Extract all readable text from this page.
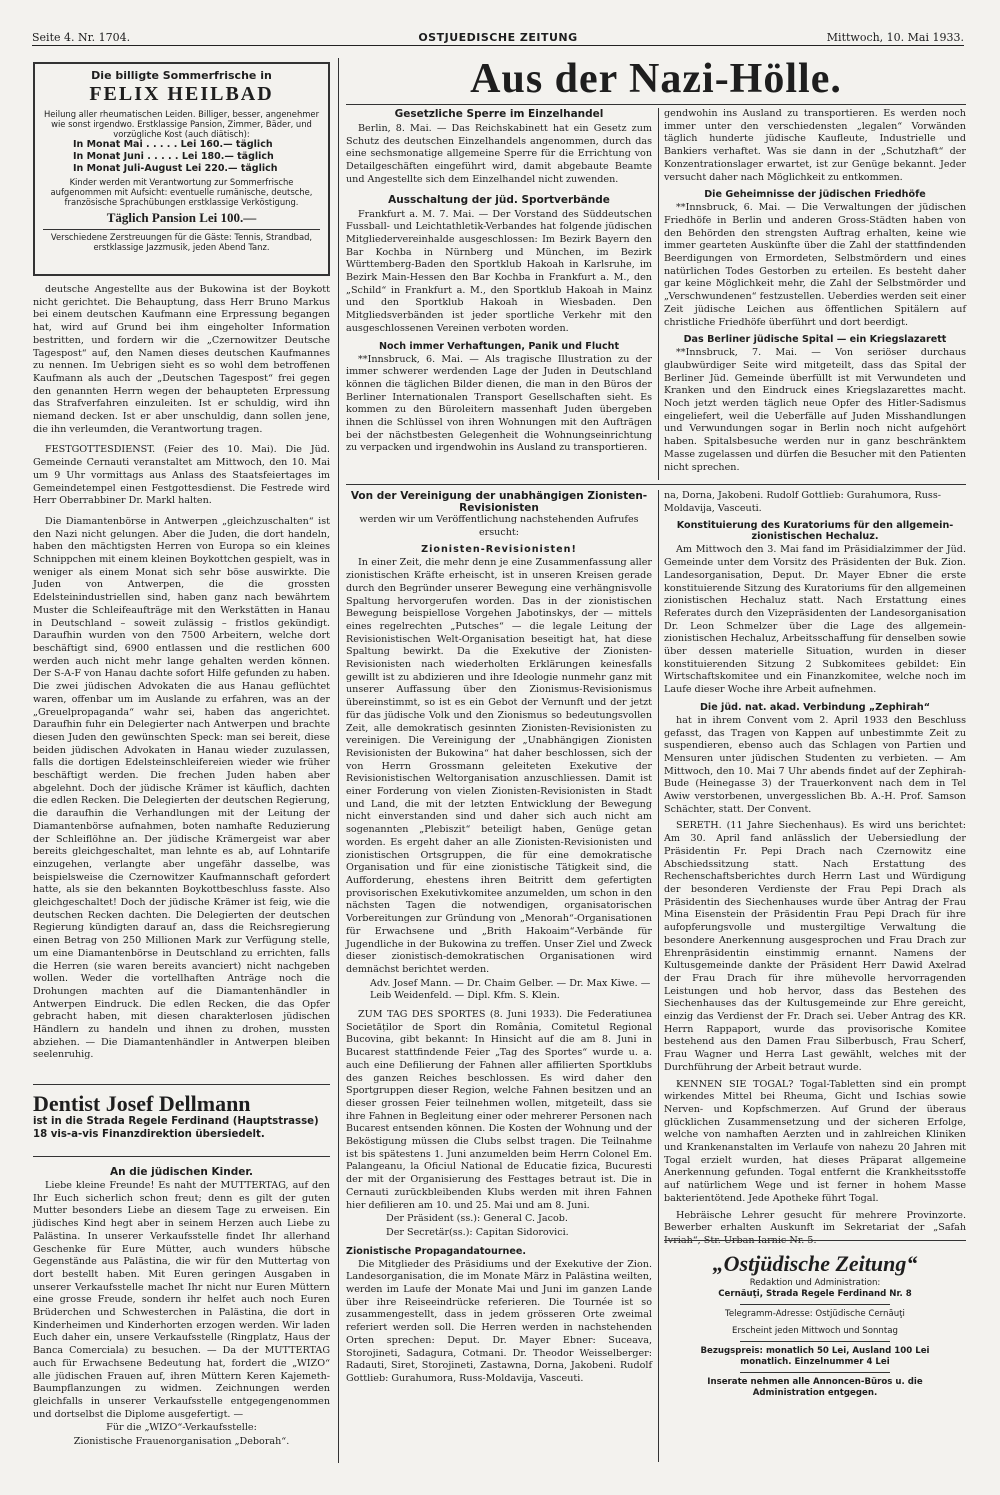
Seite 4. Nr. 1704.	OSTJUEDISCHE ZEITUNG	Mittwoch, 10. Mai 1933.
Die billigte Sommerfrische in
FELIX HEILBAD
Heilung aller rheumatischen Leiden. Billiger, besser, angenehmer wie sonst irgendwo. Erstklassige Pansion, Zimmer, Bäder, und vorzügliche Kost (auch diätisch):
In Monat Mai . . . . . Lei 160.— täglich
In Monat Juni . . . . . Lei 180.— täglich
In Monat Juli-August Lei 220.— täglich
Kinder werden mit Verantwortung zur Sommerfrische aufgenommen mit Aufsicht: eventuelle rumänische, deutsche, französische Sprachübungen erstklassige Verköstigung.
Täglich Pansion Lei 100.—
Verschiedene Zerstreuungen für die Gäste: Tennis, Strandbad, erstklassige Jazzmusik, jeden Abend Tanz.

deutsche Angestellte aus der Bukowina ist der Boykott nicht gerichtet. Die Behauptung, dass Herr Bruno Markus bei einem deutschen Kaufmann eine Erpressung begangen hat, wird auf Grund bei ihm eingeholter Information bestritten, und fordern wir die „Czernowitzer Deutsche Tagespost“ auf, den Namen dieses deutschen Kaufmannes zu nennen. Im Uebrigen sieht es so wohl dem betroffenen Kaufmann als auch der „Deutschen Tagespost“ frei gegen den genannten Herrn wegen der behaupteten Erpressung das Strafverfahren einzuleiten. Ist er schuldig, wird ihn niemand decken. Ist er aber unschuldig, dann sollen jene, die ihn verleumden, die Verantwortung tragen.

FESTGOTTESDIENST. (Feier des 10. Mai). Die Jüd. Gemeinde Cernauti veranstaltet am Mittwoch, den 10. Mai um 9 Uhr vormittags aus Anlass des Staatsfeiertages im Gemeindetempel einen Festgottesdienst. Die Festrede wird Herr Oberrabbiner Dr. Markl halten.

Die Diamantenbörse in Antwerpen „gleichzuschalten“ ist den Nazi nicht gelungen. Aber die Juden, die dort handeln, haben den mächtigsten Herren von Europa so ein kleines Schnippchen mit einem kleinen Boykottchen gespielt, was in weniger als einem Monat sich sehr böse auswirkte. Die Juden von Antwerpen, die die grossten Edelsteinindustriellen sind, haben ganz nach bewährtem Muster die Schleifeaufträge mit den Werkstätten in Hanau in Deutschland – soweit zulässig – fristlos gekündigt. Daraufhin wurden von den 7500 Arbeitern, welche dort beschäftigt sind, 6900 entlassen und die restlichen 600 werden auch nicht mehr lange gehalten werden können. Der S-A-F von Hanau dachte sofort Hilfe gefunden zu haben. Die zwei jüdischen Advokaten die aus Hanau geflüchtet waren, offenbar um im Auslande zu erfahren, was an der „Greuelpropaganda“ wahr sei, haben das angerichtet. Daraufhin fuhr ein Delegierter nach Antwerpen und brachte diesen Juden den gewünschten Speck: man sei bereit, diese beiden jüdischen Advokaten in Hanau wieder zuzulassen, falls die dortigen Edelsteinschleifereien wieder wie früher beschäftigt werden. Die frechen Juden haben aber abgelehnt. Doch der jüdische Krämer ist käuflich, dachten die edlen Recken. Die Delegierten der deutschen Regierung, die daraufhin die Verhandlungen mit der Leitung der Diamantenbörse aufnahmen, boten namhafte Reduzierung der Schleiflöhne an. Der jüdische Krämergeist war aber bereits gleichgeschaltet, man lehnte es ab, auf Lohntarife einzugehen, verlangte aber ungefähr dasselbe, was beispielsweise die Czernowitzer Kaufmannschaft gefordert hatte, als sie den bekannten Boykottbeschluss fasste. Also gleichgeschaltet! Doch der jüdische Krämer ist feig, wie die deutschen Recken dachten. Die Delegierten der deutschen Regierung kündigten darauf an, dass die Reichsregierung einen Betrag von 250 Millionen Mark zur Verfügung stelle, um eine Diamantenbörse in Deutschland zu errichten, falls die Herren (sie waren bereits avanciert) nicht nachgeben wollen. Weder die vortellhaften Anträge noch die Drohungen machten auf die Diamantenhändler in Antwerpen Eindruck. Die edlen Recken, die das Opfer gebracht haben, mit diesen charakterlosen jüdischen Händlern zu handeln und ihnen zu drohen, mussten abziehen. — Die Diamantenhändler in Antwerpen bleiben seelenruhig.

Dentist Josef Dellmann
ist in die Strada Regele Ferdinand (Hauptstrasse) 18 vis-a-vis Finanzdirektion übersiedelt.
An die jüdischen Kinder.

Liebe kleine Freunde! Es naht der MUTTERTAG, auf den Ihr Euch sicherlich schon freut; denn es gilt der guten Mutter besonders Liebe an diesem Tage zu erweisen. Ein jüdisches Kind hegt aber in seinem Herzen auch Liebe zu Palästina. In unserer Verkaufsstelle findet Ihr allerhand Geschenke für Eure Mütter, auch wunders hübsche Gegenstände aus Palästina, die wir für den Muttertag von dort bestellt haben. Mit Euren geringen Ausgaben in unserer Verkaufsstelle machet Ihr nicht nur Euren Müttern eine grosse Freude, sondern ihr helfet auch noch Euren Brüderchen und Schwesterchen in Palästina, die dort in Kinderheimen und Kinderhorten erzogen werden. Wir laden Euch daher ein, unsere Verkaufsstelle (Ringplatz, Haus der Banca Comerciala) zu besuchen. — Da der MUTTERTAG auch für Erwachsene Bedeutung hat, fordert die „WIZO“ alle jüdischen Frauen auf, ihren Müttern Keren Kajemeth-Baumpflanzungen zu widmen. Zeichnungen werden gleichfalls in unserer Verkaufsstelle entgegengenommen und dortselbst die Diplome ausgefertigt. —

Für die „WIZO“-Verkaufsstelle:

Zionistische Frauenorganisation „Deborah“.

Aus der Nazi-Hölle.
Gesetzliche Sperre im Einzelhandel

Berlin, 8. Mai. — Das Reichskabinett hat ein Gesetz zum Schutz des deutschen Einzelhandels angenommen, durch das eine sechsmonatige allgemeine Sperre für die Errichtung von Detailgeschäften eingeführt wird, damit abgebaute Beamte und Angestellte sich dem Einzelhandel nicht zuwenden.

Ausschaltung der jüd. Sportverbände

Frankfurt a. M. 7. Mai. — Der Vorstand des Süddeutschen Fussball- und Leichtathletik-Verbandes hat folgende jüdischen Mitgliedervereinhalde ausgeschlossen: Im Bezirk Bayern den Bar Kochba in Nürnberg und München, im Bezirk Württemberg-Baden den Sportklub Hakoah in Karlsruhe, im Bezirk Main-Hessen den Bar Kochba in Frankfurt a. M., den „Schild“ in Frankfurt a. M., den Sportklub Hakoah in Mainz und den Sportklub Hakoah in Wiesbaden. Den Mitgliedsverbänden ist jeder sportliche Verkehr mit den ausgeschlossenen Vereinen verboten worden.

Noch immer Verhaftungen, Panik und Flucht

**Innsbruck, 6. Mai. — Als tragische Illustration zu der immer schwerer werdenden Lage der Juden in Deutschland können die täglichen Bilder dienen, die man in den Büros der Berliner Internationalen Transport Gesellschaften sieht. Es kommen zu den Büroleitern massenhaft Juden übergeben ihnen die Schlüssel von ihren Wohnungen mit den Aufträgen bei der nächstbesten Gelegenheit die Wohnungseinrichtung zu verpacken und irgendwohin ins Ausland zu transportieren.

gendwohin ins Ausland zu transportieren. Es werden noch immer unter den verschiedensten „legalen“ Vorwänden täglich hunderte jüdische Kaufleute, Industrielle und Bankiers verhaftet. Was sie dann in der „Schutzhaft“ der Konzentrationslager erwartet, ist zur Genüge bekannt. Jeder versucht daher nach Möglichkeit zu entkommen.

Die Geheimnisse der jüdischen Friedhöfe

**Innsbruck, 6. Mai. — Die Verwaltungen der jüdischen Friedhöfe in Berlin und anderen Gross-Städten haben von den Behörden den strengsten Auftrag erhalten, keine wie immer gearteten Auskünfte über die Zahl der stattfindenden Beerdigungen von Ermordeten, Selbstmördern und eines natürlichen Todes Gestorben zu erteilen. Es besteht daher gar keine Möglichkeit mehr, die Zahl der Selbstmörder und „Verschwundenen“ festzustellen. Ueberdies werden seit einer Zeit jüdische Leichen aus öffentlichen Spitälern auf christliche Friedhöfe überführt und dort beerdigt.

Das Berliner jüdische Spital — ein Kriegslazarett

**Innsbruck, 7. Mai. — Von seriöser durchaus glaubwürdiger Seite wird mitgeteilt, dass das Spital der Berliner Jüd. Gemeinde überfüllt ist mit Verwundeten und Kranken und den Eindruck eines Kriegslazarettes macht. Noch jetzt werden täglich neue Opfer des Hitler-Sadismus eingeliefert, weil die Ueberfälle auf Juden Misshandlungen und Verwundungen sogar in Berlin noch nicht aufgehört haben. Spitalsbesuche werden nur in ganz beschränktem Masse zugelassen und dürfen die Besucher mit den Patienten nicht sprechen.

Von der Vereinigung der unabhängigen Zionisten-Revisionisten

werden wir um Veröffentlichung nachstehenden Aufrufes ersucht:

Zionisten-Revisionisten!

In einer Zeit, die mehr denn je eine Zusammenfassung aller zionistischen Kräfte erheischt, ist in unseren Kreisen gerade durch den Begründer unserer Bewegung eine verhängnisvolle Spaltung hervorgerufen worden. Das in der zionistischen Bewegung beispiellose Vorgehen Jabotinskys, der — mittels eines regelrechten „Putsches“ — die legale Leitung der Revisionistischen Welt-Organisation beseitigt hat, hat diese Spaltung bewirkt. Da die Exekutive der Zionisten-Revisionisten nach wiederholten Erklärungen keinesfalls gewillt ist zu abdizieren und ihre Ideologie nunmehr ganz mit unserer Auffassung über den Zionismus-Revisionismus übereinstimmt, so ist es ein Gebot der Vernunft und der jetzt für das jüdische Volk und den Zionismus so bedeutungsvollen Zeit, alle demokratisch gesinnten Zionisten-Revisionisten zu vereinigen. Die Vereinigung der „Unabhängigen Zionisten Revisionisten der Bukowina“ hat daher beschlossen, sich der von Herrn Grossmann geleiteten Exekutive der Revisionistischen Weltorganisation anzuschliessen. Damit ist einer Forderung von vielen Zionisten-Revisionisten in Stadt und Land, die mit der letzten Entwicklung der Bewegung nicht einverstanden sind und daher sich auch nicht am sogenannten „Plebiszit“ beteiligt haben, Genüge getan worden. Es ergeht daher an alle Zionisten-Revisionisten und zionistischen Ortsgruppen, die für eine demokratische Organisation und für eine zionistische Tätigkeit sind, die Aufforderung, ehestens ihren Beitritt dem gefertigten provisorischen Exekutivkomitee anzumelden, um schon in den nächsten Tagen die notwendigen, organisatorischen Vorbereitungen zur Gründung von „Menorah“-Organisationen für Erwachsene und „Brith Hakoaim“-Verbände für Jugendliche in der Bukowina zu treffen. Unser Ziel und Zweck dieser zionistisch-demokratischen Organisationen wird demnächst berichtet werden.

Adv. Josef Mann. — Dr. Chaim Gelber. — Dr. Max Kiwe. — Leib Weidenfeld. — Dipl. Kfm. S. Klein.

ZUM TAG DES SPORTES (8. Juni 1933). Die Federatiunea Societăților de Sport din România, Comitetul Regional Bucovina, gibt bekannt: In Hinsicht auf die am 8. Juni in Bucarest stattfindende Feier „Tag des Sportes“ wurde u. a. auch eine Defilierung der Fahnen aller affilierten Sportklubs des ganzen Reiches beschlossen. Es wird daher den Sportgruppen dieser Region, welche Fahnen besitzen und an dieser grossen Feier teilnehmen wollen, mitgeteilt, dass sie ihre Fahnen in Begleitung einer oder mehrerer Personen nach Bucarest entsenden können. Die Kosten der Wohnung und der Beköstigung müssen die Clubs selbst tragen. Die Teilnahme ist bis spätestens 1. Juni anzumelden beim Herrn Colonel Em. Palangeanu, la Oficiul National de Educatie fizica, Bucuresti der mit der Organisierung des Festtages betraut ist. Die in Cernauti zurückbleibenden Klubs werden mit ihren Fahnen hier defilieren am 10. und 25. Mai und am 8. Juni.

Der Präsident (ss.): General C. Jacob.

Der Secretär(ss.): Capitan Sidorovici.

Zionistische Propagandatournee.

Die Mitglieder des Präsidiums und der Exekutive der Zion. Landesorganisation, die im Monate März in Palästina weilten, werden im Laufe der Monate Mai und Juni im ganzen Lande über ihre Reiseeindrücke referieren. Die Tournée ist so zusammengestellt, dass in jedem grösseren Orte zweimal referiert werden soll. Die Herren werden in nachstehenden Orten sprechen: Deput. Dr. Mayer Ebner: Suceava, Storojineti, Sadagura, Cotmani. Dr. Theodor Weisselberger: Radauti, Siret, Storojineti, Zastawna, Dorna, Jakobeni. Rudolf Gottlieb: Gurahumora, Russ-Moldavija, Vasceuti.

na, Dorna, Jakobeni. Rudolf Gottlieb: Gurahumora, Russ-Moldavija, Vasceuti.

Konstituierung des Kuratoriums für den allgemein-zionistischen Hechaluz.

Am Mittwoch den 3. Mai fand im Präsidialzimmer der Jüd. Gemeinde unter dem Vorsitz des Präsidenten der Buk. Zion. Landesorganisation, Deput. Dr. Mayer Ebner die erste konstituierende Sitzung des Kuratoriums für den allgemeinen zionistischen Hechaluz statt. Nach Erstattung eines Referates durch den Vizepräsidenten der Landesorganisation Dr. Leon Schmelzer über die Lage des allgemein-zionistischen Hechaluz, Arbeitsschaffung für denselben sowie über dessen materielle Situation, wurden in dieser konstituierenden Sitzung 2 Subkomitees gebildet: Ein Wirtschaftskomitee und ein Finanzkomitee, welche noch im Laufe dieser Woche ihre Arbeit aufnehmen.

Die jüd. nat. akad. Verbindung „Zephirah“

hat in ihrem Convent vom 2. April 1933 den Beschluss gefasst, das Tragen von Kappen auf unbestimmte Zeit zu suspendieren, ebenso auch das Schlagen von Partien und Mensuren unter jüdischen Studenten zu verbieten. — Am Mittwoch, den 10. Mai 7 Uhr abends findet auf der Zephirah-Bude (Heinegasse 3) der Trauerkonvent nach dem in Tel Awiw verstorbenen, unvergesslichen Bb. A.-H. Prof. Samson Schächter, statt. Der Convent.

SERETH. (11 Jahre Siechenhaus). Es wird uns berichtet: Am 30. April fand anlässlich der Uebersiedlung der Präsidentin Fr. Pepi Drach nach Czernowitz eine Abschiedssitzung statt. Nach Erstattung des Rechenschaftsberichtes durch Herrn Last und Würdigung der besonderen Verdienste der Frau Pepi Drach als Präsidentin des Siechenhauses wurde über Antrag der Frau Mina Eisenstein der Präsidentin Frau Pepi Drach für ihre aufopferungsvolle und mustergiltige Verwaltung die besondere Anerkennung ausgesprochen und Frau Drach zur Ehrenpräsidentin einstimmig ernannt. Namens der Kultusgemeinde dankte der Präsident Herr Dawid Axelrad der Frau Drach für ihre mühevolle hervorragenden Leistungen und hob hervor, dass das Bestehen des Siechenhauses das der Kultusgemeinde zur Ehre gereicht, einzig das Verdienst der Fr. Drach sei. Ueber Antrag des KR. Herrn Rappaport, wurde das provisorische Komitee bestehend aus den Damen Frau Silberbusch, Frau Scherf, Frau Wagner und Herra Last gewählt, welches mit der Durchführung der Arbeit betraut wurde.

KENNEN SIE TOGAL? Togal-Tabletten sind ein prompt wirkendes Mittel bei Rheuma, Gicht und Ischias sowie Nerven- und Kopfschmerzen. Auf Grund der überaus glücklichen Zusammensetzung und der sicheren Erfolge, welche von namhaften Aerzten und in zahlreichen Kliniken und Krankenanstalten im Verlaufe von nahezu 20 Jahren mit Togal erzielt wurden, hat dieses Präparat allgemeine Anerkennung gefunden. Togal entfernt die Krankheitsstoffe auf natürlichem Wege und ist ferner in hohem Masse bakterientötend. Jede Apotheke führt Togal.

Hebräische Lehrer gesucht für mehrere Provinzorte. Bewerber erhalten Auskunft im Sekretariat der „Safah Ivriah“, Str. Urban Iarnic Nr. 5.

„Ostjüdische Zeitung“
Redaktion und Administration:
Cernăuţi, Strada Regele Ferdinand Nr. 8
Telegramm-Adresse: Ostjüdische Cernăuţi
Erscheint jeden Mittwoch und Sonntag
Bezugspreis: monatlich 50 Lei, Ausland 100 Lei
monatlich. Einzelnummer 4 Lei
Inserate nehmen alle Annoncen-Büros u. die Administration entgegen.
